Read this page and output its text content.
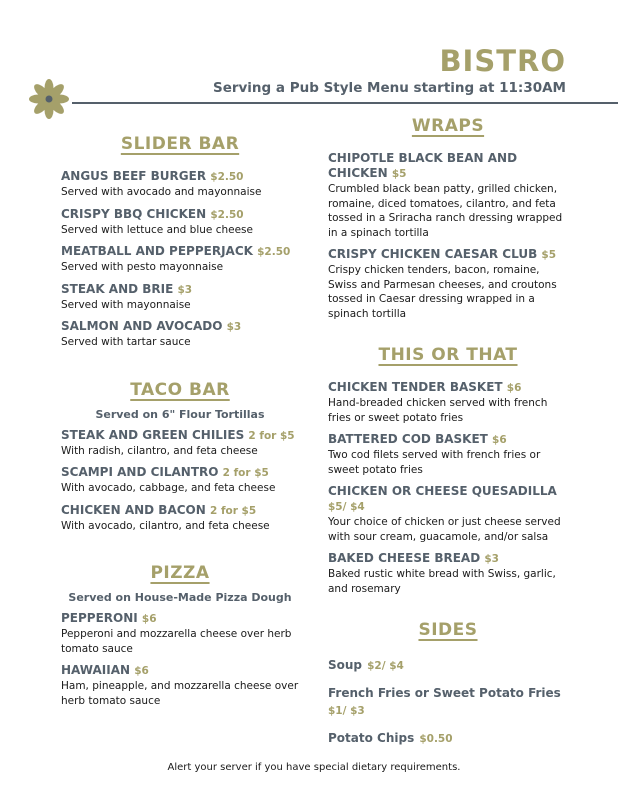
BISTRO
Serving a Pub Style Menu starting at 11:30AM
SLIDER BAR
ANGUS BEEF BURGER $2.50
Served with avocado and mayonnaise
CRISPY BBQ CHICKEN $2.50
Served with lettuce and blue cheese
MEATBALL AND PEPPERJACK $2.50
Served with pesto mayonnaise
STEAK AND BRIE $3
Served with mayonnaise
SALMON AND AVOCADO $3
Served with tartar sauce
TACO BAR
Served on 6" Flour Tortillas
STEAK AND GREEN CHILIES 2 for $5
With radish, cilantro, and feta cheese
SCAMPI AND CILANTRO 2 for $5
With avocado, cabbage, and feta cheese
CHICKEN AND BACON 2 for $5
With avocado, cilantro, and feta cheese
PIZZA
Served on House-Made Pizza Dough
PEPPERONI $6
Pepperoni and mozzarella cheese over herb tomato sauce
HAWAIIAN $6
Ham, pineapple, and mozzarella cheese over herb tomato sauce
WRAPS
CHIPOTLE BLACK BEAN AND CHICKEN $5
Crumbled black bean patty, grilled chicken, romaine, diced tomatoes, cilantro, and feta tossed in a Sriracha ranch dressing wrapped in a spinach tortilla
CRISPY CHICKEN CAESAR CLUB $5
Crispy chicken tenders, bacon, romaine, Swiss and Parmesan cheeses, and croutons tossed in Caesar dressing wrapped in a spinach tortilla
THIS OR THAT
CHICKEN TENDER BASKET $6
Hand-breaded chicken served with french fries or sweet potato fries
BATTERED COD BASKET $6
Two cod filets served with french fries or sweet potato fries
CHICKEN OR CHEESE QUESADILLA $5/ $4
Your choice of chicken or just cheese served with sour cream, guacamole, and/or salsa
BAKED CHEESE BREAD $3
Baked rustic white bread with Swiss, garlic, and rosemary
SIDES
Soup $2/ $4
French Fries or Sweet Potato Fries $1/ $3
Potato Chips $0.50
Alert your server if you have special dietary requirements.
